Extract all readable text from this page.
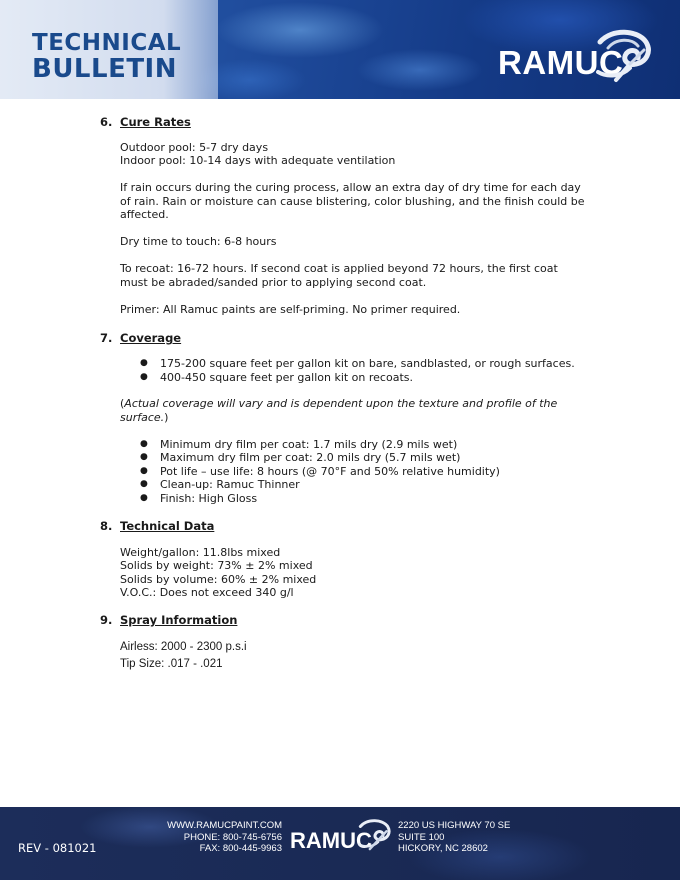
TECHNICAL
BULLETIN	RAMUC
6. Cure Rates

Outdoor pool: 5-7 dry days

Indoor pool: 10-14 days with adequate ventilation

If rain occurs during the curing process, allow an extra day of dry time for each day

of rain. Rain or moisture can cause blistering, color blushing, and the finish could be

affected.

Dry time to touch: 6-8 hours

To recoat: 16-72 hours. If second coat is applied beyond 72 hours, the first coat

must be abraded/sanded prior to applying second coat.

Primer: All Ramuc paints are self-priming. No primer required.

7. Coverage
● 175-200 square feet per gallon kit on bare, sandblasted, or rough surfaces.
● 400-450 square feet per gallon kit on recoats.

(Actual coverage will vary and is dependent upon the texture and profile of the

surface.)

● Minimum dry film per coat: 1.7 mils dry (2.9 mils wet)
● Maximum dry film per coat: 2.0 mils dry (5.7 mils wet)
● Pot life – use life: 8 hours (@ 70°F and 50% relative humidity)
● Clean-up: Ramuc Thinner
● Finish: High Gloss
8. Technical Data

Weight/gallon: 11.8lbs mixed

Solids by weight: 73% ± 2% mixed

Solids by volume: 60% ± 2% mixed

V.O.C.: Does not exceed 340 g/l

9. Spray Information

Airless: 2000 - 2300 p.s.i

Tip Size: .017 - .021

REV - 081021
WWW.RAMUCPAINT.COM
PHONE: 800-745-6756
FAX: 800-445-9963 RAMUC
2220 US HIGHWAY 70 SE
SUITE 100
HICKORY, NC 28602
